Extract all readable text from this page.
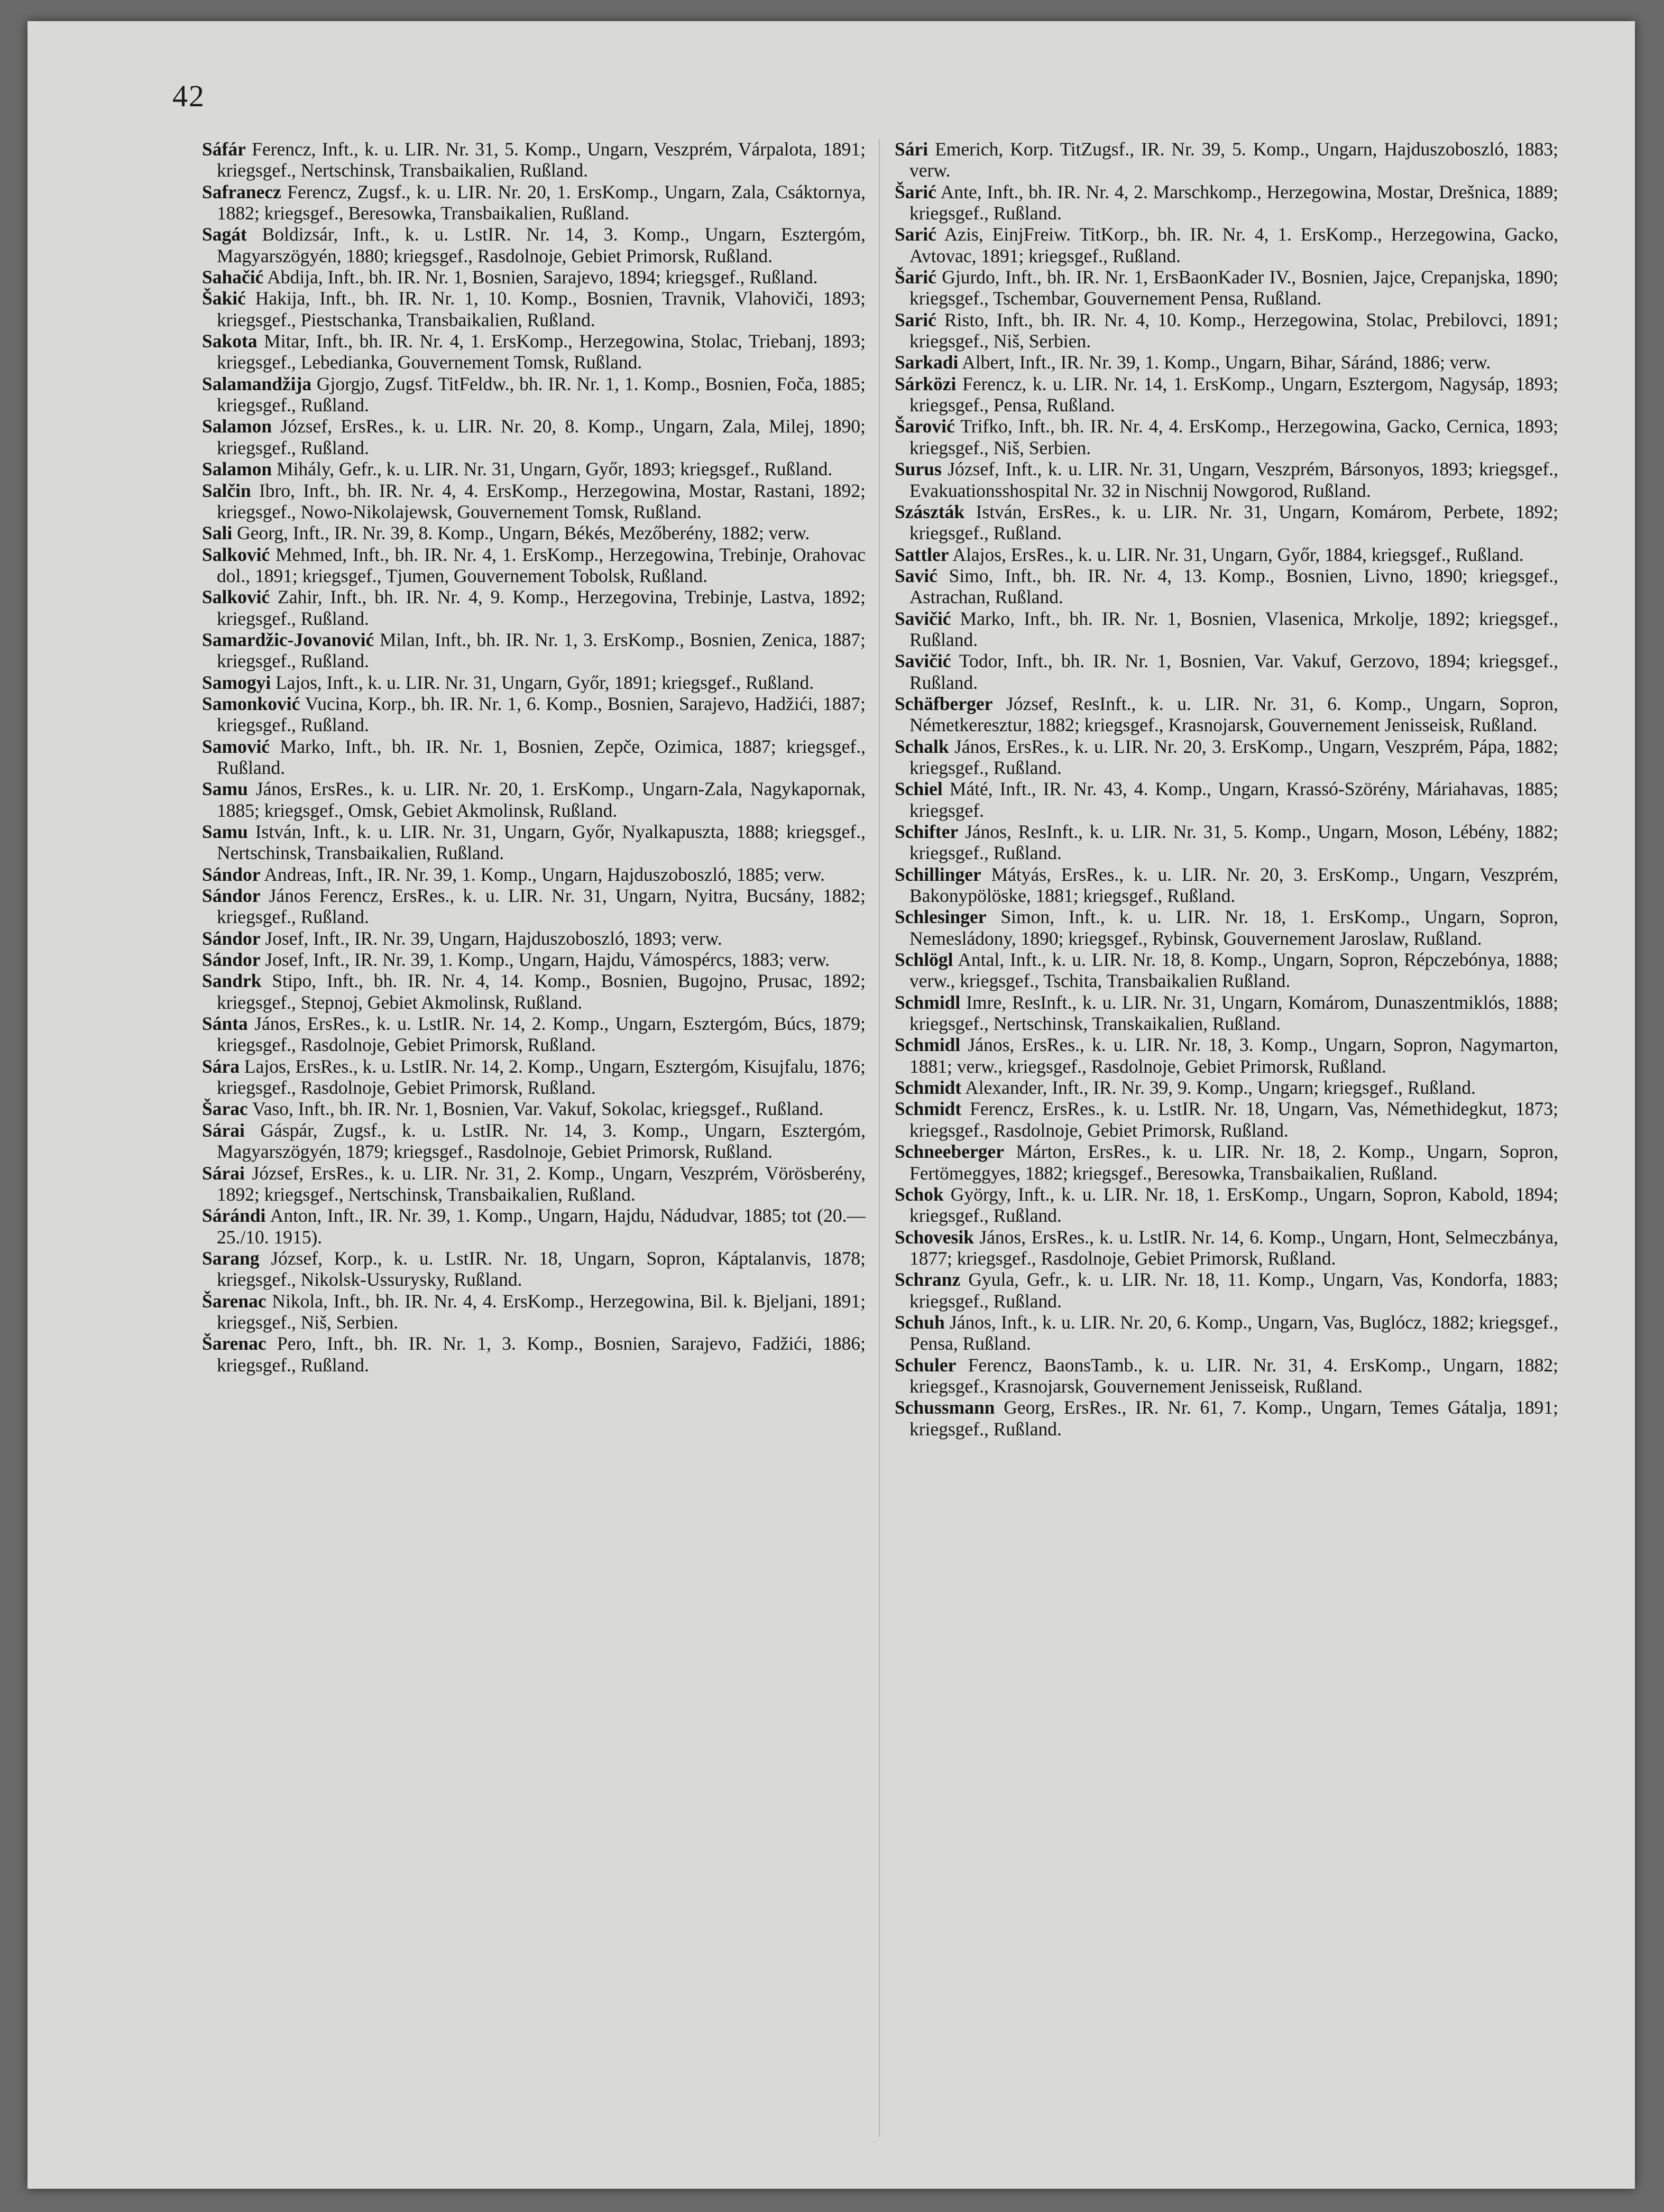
42

Sáfár Ferencz, Inft., k. u. LIR. Nr. 31, 5. Komp., Ungarn, Veszprém, Várpalota, 1891; kriegsgef., Nertschinsk, Transbaikalien, Rußland.

Safranecz Ferencz, Zugsf., k. u. LIR. Nr. 20, 1. ErsKomp., Ungarn, Zala, Csáktornya, 1882; kriegsgef., Beresowka, Transbaikalien, Rußland.

Sagát Boldizsár, Inft., k. u. LstIR. Nr. 14, 3. Komp., Ungarn, Esztergóm, Magyarszögyén, 1880; kriegsgef., Rasdolnoje, Gebiet Primorsk, Rußland.

Sahačić Abdija, Inft., bh. IR. Nr. 1, Bosnien, Sarajevo, 1894; kriegsgef., Rußland.

Šakić Hakija, Inft., bh. IR. Nr. 1, 10. Komp., Bosnien, Travnik, Vlahoviči, 1893; kriegsgef., Piestschanka, Transbaikalien, Rußland.

Sakota Mitar, Inft., bh. IR. Nr. 4, 1. ErsKomp., Herzegowina, Stolac, Triebanj, 1893; kriegsgef., Lebedianka, Gouvernement Tomsk, Rußland.

Salamandžija Gjorgjo, Zugsf. TitFeldw., bh. IR. Nr. 1, 1. Komp., Bosnien, Foča, 1885; kriegsgef., Rußland.

Salamon József, ErsRes., k. u. LIR. Nr. 20, 8. Komp., Ungarn, Zala, Milej, 1890; kriegsgef., Rußland.

Salamon Mihály, Gefr., k. u. LIR. Nr. 31, Ungarn, Győr, 1893; kriegsgef., Rußland.

Salčin Ibro, Inft., bh. IR. Nr. 4, 4. ErsKomp., Herzegowina, Mostar, Rastani, 1892; kriegsgef., Nowo-Nikolajewsk, Gouvernement Tomsk, Rußland.

Sali Georg, Inft., IR. Nr. 39, 8. Komp., Ungarn, Békés, Mezőberény, 1882; verw.

Salković Mehmed, Inft., bh. IR. Nr. 4, 1. ErsKomp., Herzegowina, Trebinje, Orahovac dol., 1891; kriegsgef., Tjumen, Gouvernement Tobolsk, Rußland.

Salković Zahir, Inft., bh. IR. Nr. 4, 9. Komp., Herzegovina, Trebinje, Lastva, 1892; kriegsgef., Rußland.

Samardžic-Jovanović Milan, Inft., bh. IR. Nr. 1, 3. ErsKomp., Bosnien, Zenica, 1887; kriegsgef., Rußland.

Samogyi Lajos, Inft., k. u. LIR. Nr. 31, Ungarn, Győr, 1891; kriegsgef., Rußland.

Samonković Vucina, Korp., bh. IR. Nr. 1, 6. Komp., Bosnien, Sarajevo, Hadžići, 1887; kriegsgef., Rußland.

Samović Marko, Inft., bh. IR. Nr. 1, Bosnien, Zepče, Ozimica, 1887; kriegsgef., Rußland.

Samu János, ErsRes., k. u. LIR. Nr. 20, 1. ErsKomp., Ungarn-Zala, Nagykapornak, 1885; kriegsgef., Omsk, Gebiet Akmolinsk, Rußland.

Samu István, Inft., k. u. LIR. Nr. 31, Ungarn, Győr, Nyalkapuszta, 1888; kriegsgef., Nertschinsk, Transbaikalien, Rußland.

Sándor Andreas, Inft., IR. Nr. 39, 1. Komp., Ungarn, Hajduszoboszló, 1885; verw.

Sándor János Ferencz, ErsRes., k. u. LIR. Nr. 31, Ungarn, Nyitra, Bucsány, 1882; kriegsgef., Rußland.

Sándor Josef, Inft., IR. Nr. 39, Ungarn, Hajduszoboszló, 1893; verw.

Sándor Josef, Inft., IR. Nr. 39, 1. Komp., Ungarn, Hajdu, Vámospércs, 1883; verw.

Sandrk Stipo, Inft., bh. IR. Nr. 4, 14. Komp., Bosnien, Bugojno, Prusac, 1892; kriegsgef., Stepnoj, Gebiet Akmolinsk, Rußland.

Sánta János, ErsRes., k. u. LstIR. Nr. 14, 2. Komp., Ungarn, Esztergóm, Búcs, 1879; kriegsgef., Rasdolnoje, Gebiet Primorsk, Rußland.

Sára Lajos, ErsRes., k. u. LstIR. Nr. 14, 2. Komp., Ungarn, Esztergóm, Kisujfalu, 1876; kriegsgef., Rasdolnoje, Gebiet Primorsk, Rußland.

Šarac Vaso, Inft., bh. IR. Nr. 1, Bosnien, Var. Vakuf, Sokolac, kriegsgef., Rußland.

Sárai Gáspár, Zugsf., k. u. LstIR. Nr. 14, 3. Komp., Ungarn, Esztergóm, Magyarszögyén, 1879; kriegsgef., Rasdolnoje, Gebiet Primorsk, Rußland.

Sárai József, ErsRes., k. u. LIR. Nr. 31, 2. Komp., Ungarn, Veszprém, Vörösberény, 1892; kriegsgef., Nertschinsk, Transbaikalien, Rußland.

Sárándi Anton, Inft., IR. Nr. 39, 1. Komp., Ungarn, Hajdu, Nádudvar, 1885; tot (20.—25./10. 1915).

Sarang József, Korp., k. u. LstIR. Nr. 18, Ungarn, Sopron, Káptalanvis, 1878; kriegsgef., Nikolsk-Ussurysky, Rußland.

Šarenac Nikola, Inft., bh. IR. Nr. 4, 4. ErsKomp., Herzegowina, Bil. k. Bjeljani, 1891; kriegsgef., Niš, Serbien.

Šarenac Pero, Inft., bh. IR. Nr. 1, 3. Komp., Bosnien, Sarajevo, Fadžići, 1886; kriegsgef., Rußland.

Sári Emerich, Korp. TitZugsf., IR. Nr. 39, 5. Komp., Ungarn, Hajduszoboszló, 1883; verw.

Šarić Ante, Inft., bh. IR. Nr. 4, 2. Marschkomp., Herzegowina, Mostar, Drešnica, 1889; kriegsgef., Rußland.

Sarić Azis, EinjFreiw. TitKorp., bh. IR. Nr. 4, 1. ErsKomp., Herzegowina, Gacko, Avtovac, 1891; kriegsgef., Rußland.

Šarić Gjurdo, Inft., bh. IR. Nr. 1, ErsBaonKader IV., Bosnien, Jajce, Crepanjska, 1890; kriegsgef., Tschembar, Gouvernement Pensa, Rußland.

Sarić Risto, Inft., bh. IR. Nr. 4, 10. Komp., Herzegowina, Stolac, Prebilovci, 1891; kriegsgef., Niš, Serbien.

Sarkadi Albert, Inft., IR. Nr. 39, 1. Komp., Ungarn, Bihar, Sáránd, 1886; verw.

Sárközi Ferencz, k. u. LIR. Nr. 14, 1. ErsKomp., Ungarn, Esztergom, Nagysáp, 1893; kriegsgef., Pensa, Rußland.

Šarović Trifko, Inft., bh. IR. Nr. 4, 4. ErsKomp., Herzegowina, Gacko, Cernica, 1893; kriegsgef., Niš, Serbien.

Surus József, Inft., k. u. LIR. Nr. 31, Ungarn, Veszprém, Bársonyos, 1893; kriegsgef., Evakuationsshospital Nr. 32 in Nischnij Nowgorod, Rußland.

Szászták István, ErsRes., k. u. LIR. Nr. 31, Ungarn, Komárom, Perbete, 1892; kriegsgef., Rußland.

Sattler Alajos, ErsRes., k. u. LIR. Nr. 31, Ungarn, Győr, 1884, kriegsgef., Rußland.

Savić Simo, Inft., bh. IR. Nr. 4, 13. Komp., Bosnien, Livno, 1890; kriegsgef., Astrachan, Rußland.

Savičić Marko, Inft., bh. IR. Nr. 1, Bosnien, Vlasenica, Mrkolje, 1892; kriegsgef., Rußland.

Savičić Todor, Inft., bh. IR. Nr. 1, Bosnien, Var. Vakuf, Gerzovo, 1894; kriegsgef., Rußland.

Schäfberger József, ResInft., k. u. LIR. Nr. 31, 6. Komp., Ungarn, Sopron, Németkeresztur, 1882; kriegsgef., Krasnojarsk, Gouvernement Jenisseisk, Rußland.

Schalk János, ErsRes., k. u. LIR. Nr. 20, 3. ErsKomp., Ungarn, Veszprém, Pápa, 1882; kriegsgef., Rußland.

Schiel Máté, Inft., IR. Nr. 43, 4. Komp., Ungarn, Krassó-Szörény, Máriahavas, 1885; kriegsgef.

Schifter János, ResInft., k. u. LIR. Nr. 31, 5. Komp., Ungarn, Moson, Lébény, 1882; kriegsgef., Rußland.

Schillinger Mátyás, ErsRes., k. u. LIR. Nr. 20, 3. ErsKomp., Ungarn, Veszprém, Bakonypölöske, 1881; kriegsgef., Rußland.

Schlesinger Simon, Inft., k. u. LIR. Nr. 18, 1. ErsKomp., Ungarn, Sopron, Nemesládony, 1890; kriegsgef., Rybinsk, Gouvernement Jaroslaw, Rußland.

Schlögl Antal, Inft., k. u. LIR. Nr. 18, 8. Komp., Ungarn, Sopron, Répczebónya, 1888; verw., kriegsgef., Tschita, Transbaikalien Rußland.

Schmidl Imre, ResInft., k. u. LIR. Nr. 31, Ungarn, Komárom, Dunaszentmiklós, 1888; kriegsgef., Nertschinsk, Transkaikalien, Rußland.

Schmidl János, ErsRes., k. u. LIR. Nr. 18, 3. Komp., Ungarn, Sopron, Nagymarton, 1881; verw., kriegsgef., Rasdolnoje, Gebiet Primorsk, Rußland.

Schmidt Alexander, Inft., IR. Nr. 39, 9. Komp., Ungarn; kriegsgef., Rußland.

Schmidt Ferencz, ErsRes., k. u. LstIR. Nr. 18, Ungarn, Vas, Némethidegkut, 1873; kriegsgef., Rasdolnoje, Gebiet Primorsk, Rußland.

Schneeberger Márton, ErsRes., k. u. LIR. Nr. 18, 2. Komp., Ungarn, Sopron, Fertömeggyes, 1882; kriegsgef., Beresowka, Transbaikalien, Rußland.

Schok György, Inft., k. u. LIR. Nr. 18, 1. ErsKomp., Ungarn, Sopron, Kabold, 1894; kriegsgef., Rußland.

Schovesik János, ErsRes., k. u. LstIR. Nr. 14, 6. Komp., Ungarn, Hont, Selmeczbánya, 1877; kriegsgef., Rasdolnoje, Gebiet Primorsk, Rußland.

Schranz Gyula, Gefr., k. u. LIR. Nr. 18, 11. Komp., Ungarn, Vas, Kondorfa, 1883; kriegsgef., Rußland.

Schuh János, Inft., k. u. LIR. Nr. 20, 6. Komp., Ungarn, Vas, Buglócz, 1882; kriegsgef., Pensa, Rußland.

Schuler Ferencz, BaonsTamb., k. u. LIR. Nr. 31, 4. ErsKomp., Ungarn, 1882; kriegsgef., Krasnojarsk, Gouvernement Jenisseisk, Rußland.

Schussmann Georg, ErsRes., IR. Nr. 61, 7. Komp., Ungarn, Temes Gátalja, 1891; kriegsgef., Rußland.
